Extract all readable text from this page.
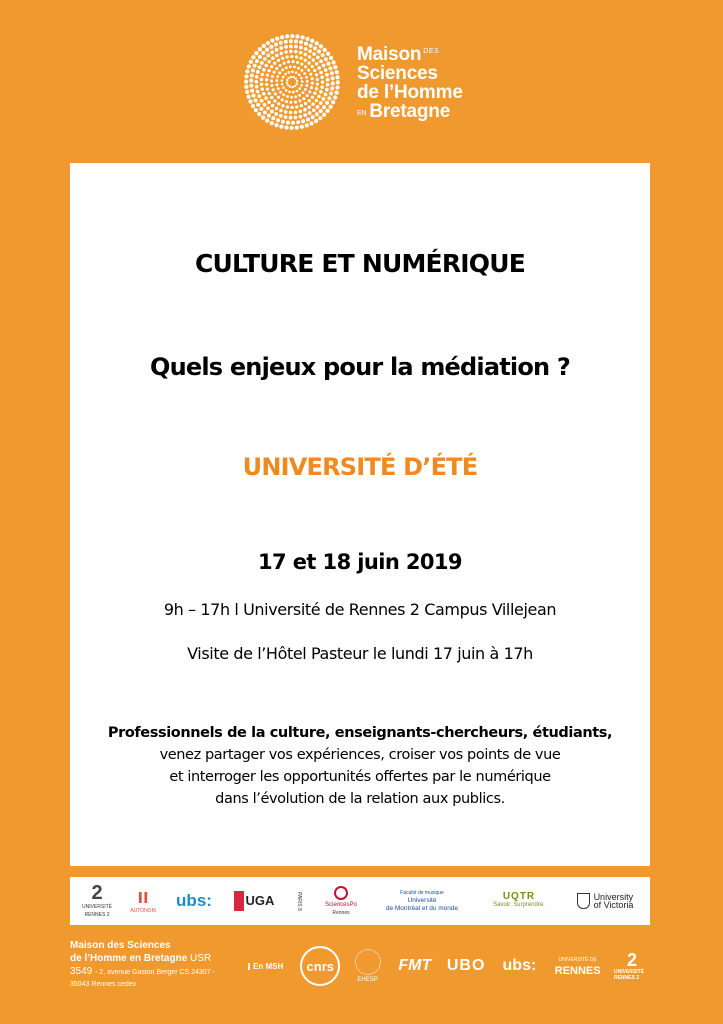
Maison $^{DES}$
Sciences
de l’Homme
EN Bretagne
CULTURE ET NUMÉRIQUE
Quels enjeux pour la médiation ?
UNIVERSITÉ D’ÉTÉ
17 et 18 juin 2019
9h – 17h l Université de Rennes 2 Campus Villejean
Visite de l’Hôtel Pasteur le lundi 17 juin à 17h
Professionnels de la culture, enseignants-chercheurs, étudiants,
venez partager vos expériences, croiser vos points de vue
et interroger les opportunités offertes par le numérique
dans l’évolution de la relation aux publics.
2
UNIVERSITÉ RENNES 2
ıı
AUTONOM
ubs:	UGA	PARIS 8	SciencesPo
Rennes
Faculté de musique
Université
de Montréal et du monde
UQTR
Savoir. Surprendre.
University
of Victoria
Maison des Sciences
de l’Homme en Bretagne USR
3549 - 2, avenue Gaston Berger CS 24307 -
35043 Rennes cedex
En MSH	cnrs
EHESP
FMT UBO	ubs:	UNIVERSITÉ DE
RENNES
2
UNIVERSITÉ RENNES 2
